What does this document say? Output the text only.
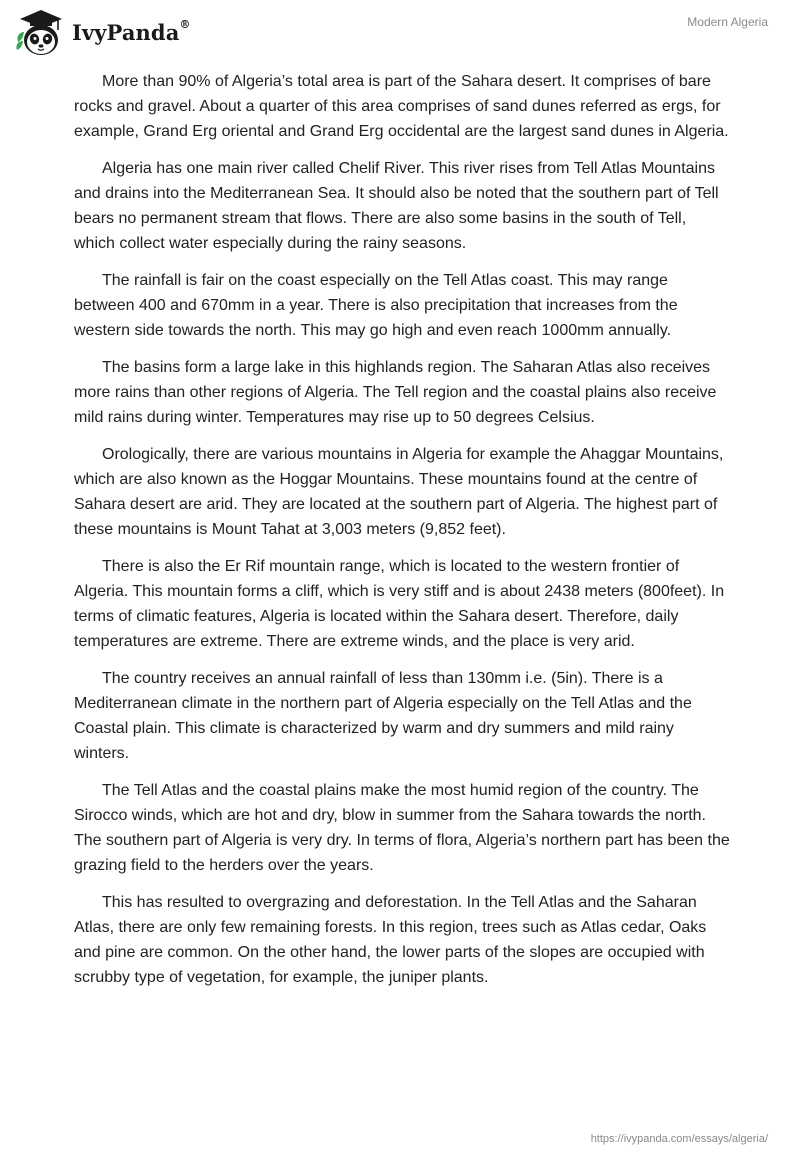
IvyPanda®	Modern Algeria

More than 90% of Algeria’s total area is part of the Sahara desert. It comprises of bare rocks and gravel. About a quarter of this area comprises of sand dunes referred as ergs, for example, Grand Erg oriental and Grand Erg occidental are the largest sand dunes in Algeria.

Algeria has one main river called Chelif River. This river rises from Tell Atlas Mountains and drains into the Mediterranean Sea. It should also be noted that the southern part of Tell bears no permanent stream that flows. There are also some basins in the south of Tell, which collect water especially during the rainy seasons.

The rainfall is fair on the coast especially on the Tell Atlas coast. This may range between 400 and 670mm in a year. There is also precipitation that increases from the western side towards the north. This may go high and even reach 1000mm annually.

The basins form a large lake in this highlands region. The Saharan Atlas also receives more rains than other regions of Algeria. The Tell region and the coastal plains also receive mild rains during winter. Temperatures may rise up to 50 degrees Celsius.

Orologically, there are various mountains in Algeria for example the Ahaggar Mountains, which are also known as the Hoggar Mountains. These mountains found at the centre of Sahara desert are arid. They are located at the southern part of Algeria. The highest part of these mountains is Mount Tahat at 3,003 meters (9,852 feet).

There is also the Er Rif mountain range, which is located to the western frontier of Algeria. This mountain forms a cliff, which is very stiff and is about 2438 meters (800feet). In terms of climatic features, Algeria is located within the Sahara desert. Therefore, daily temperatures are extreme. There are extreme winds, and the place is very arid.

The country receives an annual rainfall of less than 130mm i.e. (5in). There is a Mediterranean climate in the northern part of Algeria especially on the Tell Atlas and the Coastal plain. This climate is characterized by warm and dry summers and mild rainy winters.

The Tell Atlas and the coastal plains make the most humid region of the country. The Sirocco winds, which are hot and dry, blow in summer from the Sahara towards the north. The southern part of Algeria is very dry. In terms of flora, Algeria’s northern part has been the grazing field to the herders over the years.

This has resulted to overgrazing and deforestation. In the Tell Atlas and the Saharan Atlas, there are only few remaining forests. In this region, trees such as Atlas cedar, Oaks and pine are common. On the other hand, the lower parts of the slopes are occupied with scrubby type of vegetation, for example, the juniper plants.

https://ivypanda.com/essays/algeria/
